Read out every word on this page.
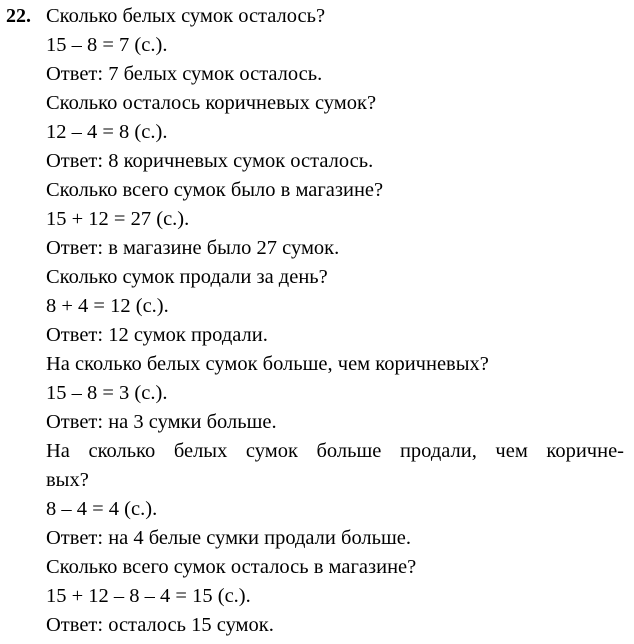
22. Сколько белых сумок осталось?
15 – 8 = 7 (с.).
Ответ: 7 белых сумок осталось.
Сколько осталось коричневых сумок?
12 – 4 = 8 (с.).
Ответ: 8 коричневых сумок осталось.
Сколько всего сумок было в магазине?
15 + 12 = 27 (с.).
Ответ: в магазине было 27 сумок.
Сколько сумок продали за день?
8 + 4 = 12 (с.).
Ответ: 12 сумок продали.
На сколько белых сумок больше, чем коричневых?
15 – 8 = 3 (с.).
Ответ: на 3 сумки больше.
На сколько белых сумок больше продали, чем коричне-
вых?
8 – 4 = 4 (с.).
Ответ: на 4 белые сумки продали больше.
Сколько всего сумок осталось в магазине?
15 + 12 – 8 – 4 = 15 (с.).
Ответ: осталось 15 сумок.
